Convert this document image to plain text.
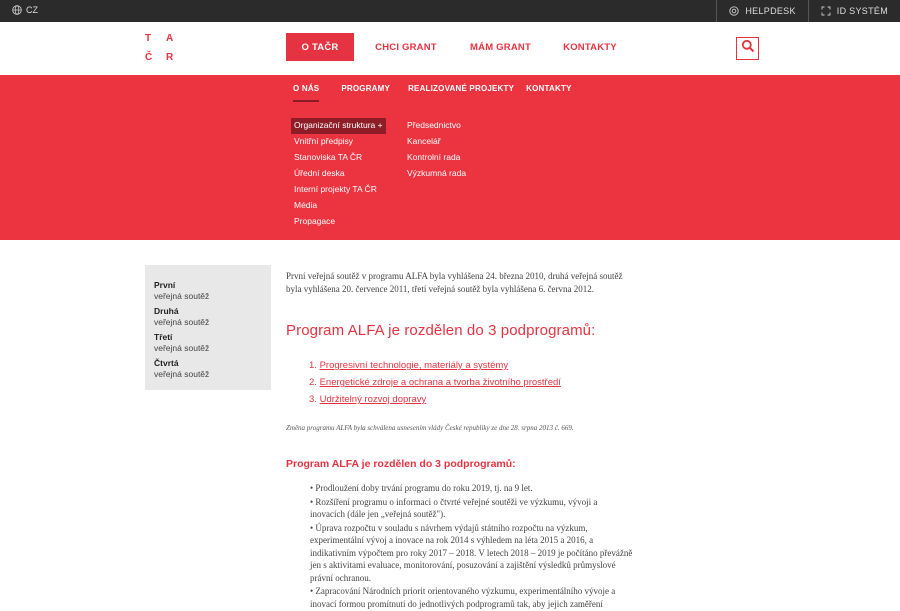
CZ	HELPDESK	ID SYSTÉM
T A
Č R
O TAČR	CHCI GRANT	MÁM GRANT	KONTAKTY
O NÁS	PROGRAMY REALIZOVANÉ PROJEKTY KONTAKTY
Organizační struktura +
Vnitřní předpisy
Stanoviska TA ČR
Úřední deska
Interní projekty TA ČR
Média
Propagace
Předsednictvo
Kancelář
Kontrolní rada
Výzkumná rada
První
veřejná soutěž
Druhá
veřejná soutěž
Třetí
veřejná soutěž
Čtvrtá
veřejná soutěž

První veřejná soutěž v programu ALFA byla vyhlášena 24. března 2010, druhá veřejná soutěž byla vyhlášena 20. července 2011, třetí veřejná soutěž byla vyhlášena 6. června 2012.

Program ALFA je rozdělen do 3 podprogramů:
1. Progresivní technologie, materiály a systémy
2. Energetické zdroje a ochrana a tvorba životního prostředí
3. Udržitelný rozvoj dopravy

Změna programu ALFA byla schválena usnesením vlády České republiky ze dne 28. srpna 2013 č. 669.

Program ALFA je rozdělen do 3 podprogramů:

• Prodloužení doby trvání programu do roku 2019, tj. na 9 let.

• Rozšíření programu o informaci o čtvrté veřejné soutěži ve výzkumu, vývoji a inovacích (dále jen „veřejná soutěž").

• Úprava rozpočtu v souladu s návrhem výdajů státního rozpočtu na výzkum, experimentální vývoj a inovace na rok 2014 s výhledem na léta 2015 a 2016, a indikativním výpočtem pro roky 2017 – 2018. V letech 2018 – 2019 je počítáno převážně jen s aktivitami evaluace, monitorování, posuzování a zajištění výsledků průmyslové právní ochranou.

• Zapracování Národních priorit orientovaného výzkumu, experimentálního vývoje a inovací formou promítnutí do jednotlivých podprogramů tak, aby jejich zaměření
